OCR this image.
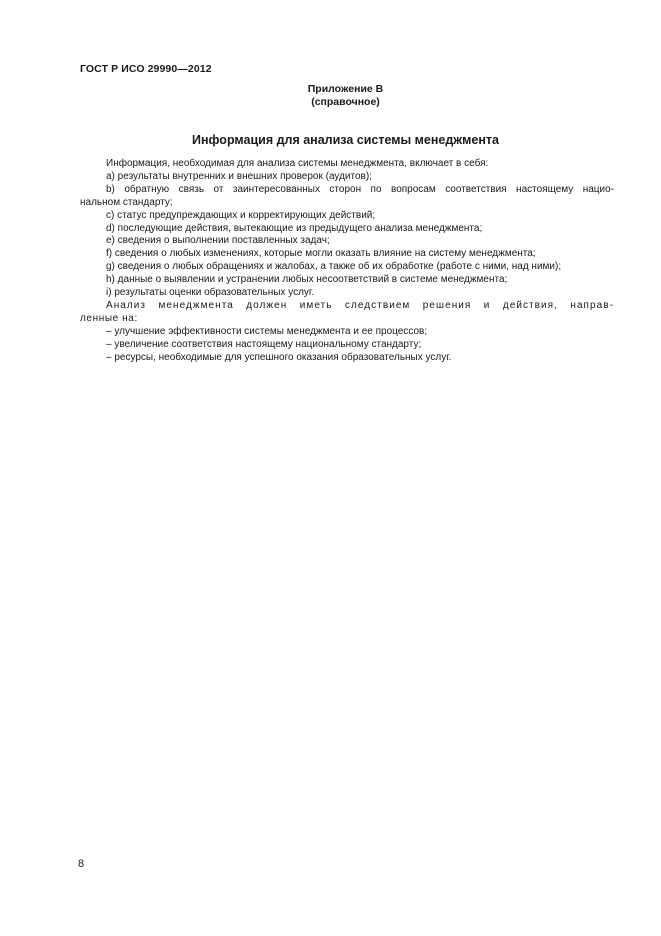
ГОСТ Р ИСО 29990—2012
Приложение В
(справочное)
Информация для анализа системы менеджмента

Информация, необходимая для анализа системы менеджмента, включает в себя:

а) результаты внутренних и внешних проверок (аудитов);

b) обратную связь от заинтересованных сторон по вопросам соответствия настоящему нацио-

нальном стандарту;

c) статус предупреждающих и корректирующих действий;

d) последующие действия, вытекающие из предыдущего анализа менеджмента;

e) сведения о выполнении поставленных задач;

f) сведения о любых изменениях, которые могли оказать влияние на систему менеджмента;

g) сведения о любых обращениях и жалобах, а также об их обработке (работе с ними, над ними);

h) данные о выявлении и устранении любых несоответствий в системе менеджмента;

i) результаты оценки образовательных услуг.

Анализ менеджмента должен иметь следствием решения и действия, направ-

ленные на:

– улучшение эффективности системы менеджмента и ее процессов;

– увеличение соответствия настоящему национальному стандарту;

– ресурсы, необходимые для успешного оказания образовательных услуг.

8
